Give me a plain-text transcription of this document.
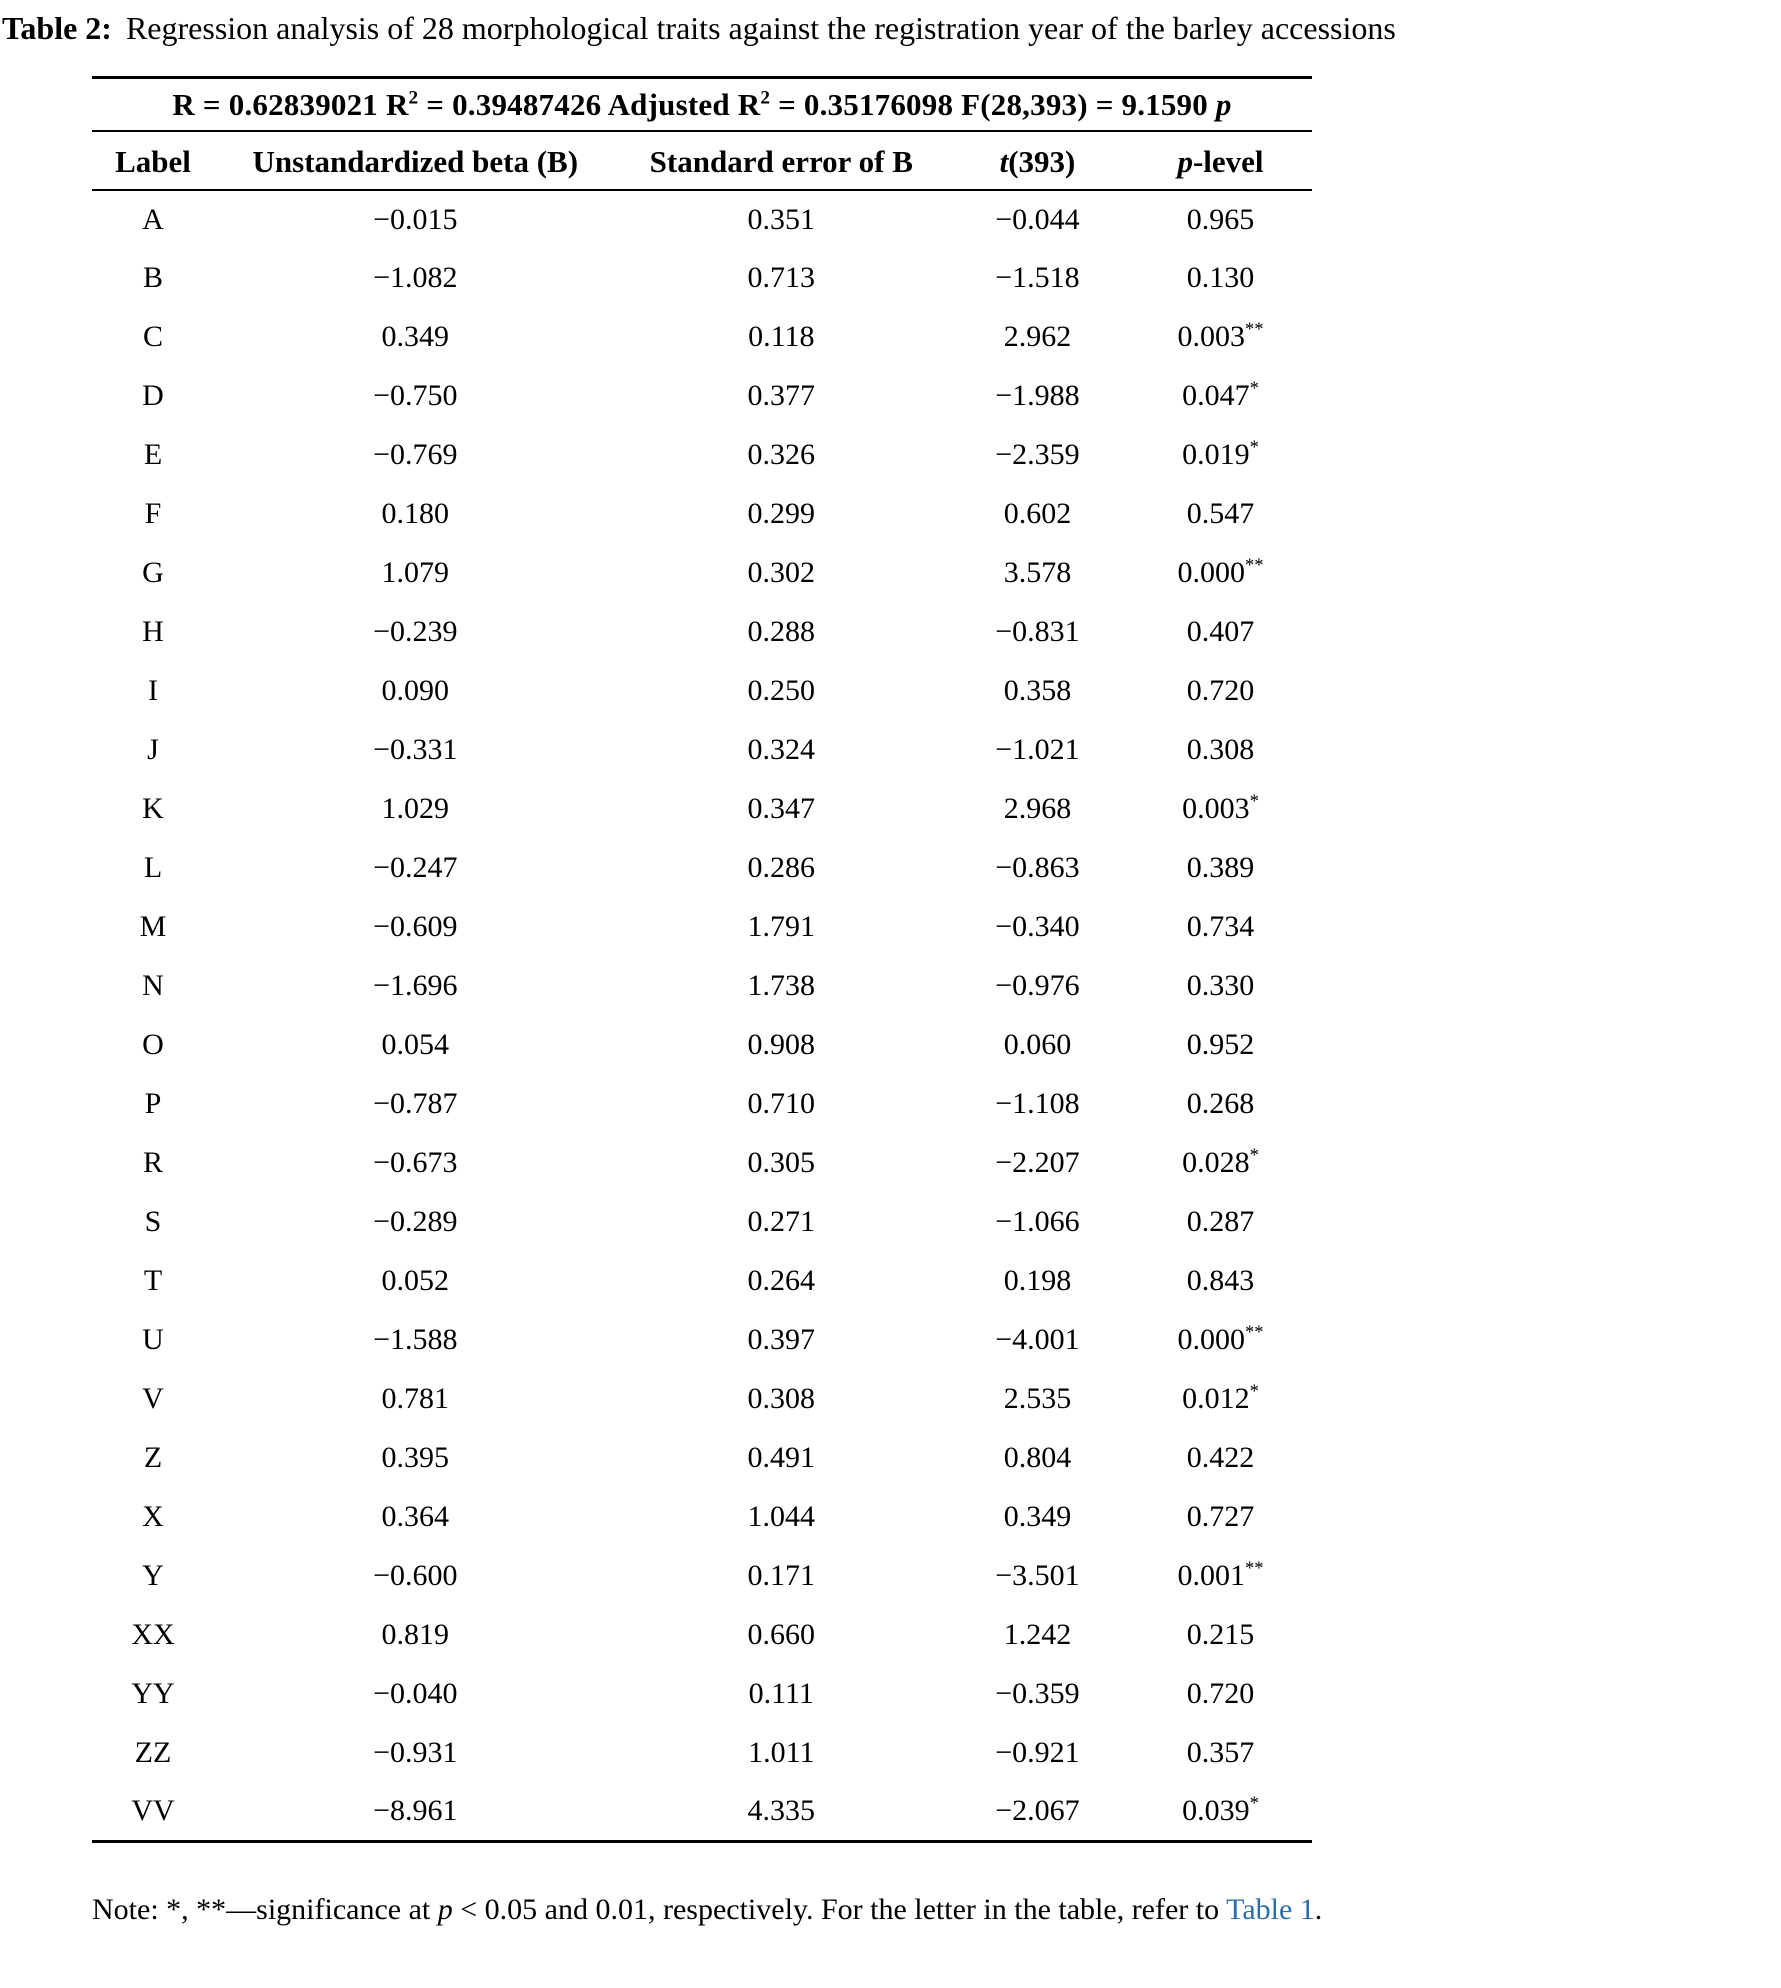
Table 2: Regression analysis of 28 morphological traits against the registration year of the barley accessions
R = 0.62839021 $R^2 = 0.39487426$ Adjusted $R^2 = 0.35176098$ F(28,393) = 9.1590 p
Label	Unstandardized beta (B)	Standard error of B	t(393)	p-level
A	−0.015	0.351	−0.044	0.965
B	−1.082	0.713	−1.518	0.130
C	0.349	0.118	2.962	0.003**
D	−0.750	0.377	−1.988	0.047*
E	−0.769	0.326	−2.359	0.019*
F	0.180	0.299	0.602	0.547
G	1.079	0.302	3.578	0.000**
H	−0.239	0.288	−0.831	0.407
I	0.090	0.250	0.358	0.720
J	−0.331	0.324	−1.021	0.308
K	1.029	0.347	2.968	0.003*
L	−0.247	0.286	−0.863	0.389
M	−0.609	1.791	−0.340	0.734
N	−1.696	1.738	−0.976	0.330
O	0.054	0.908	0.060	0.952
P	−0.787	0.710	−1.108	0.268
R	−0.673	0.305	−2.207	0.028*
S	−0.289	0.271	−1.066	0.287
T	0.052	0.264	0.198	0.843
U	−1.588	0.397	−4.001	0.000**
V	0.781	0.308	2.535	0.012*
Z	0.395	0.491	0.804	0.422
X	0.364	1.044	0.349	0.727
Y	−0.600	0.171	−3.501	0.001**
XX	0.819	0.660	1.242	0.215
YY	−0.040	0.111	−0.359	0.720
ZZ	−0.931	1.011	−0.921	0.357
VV	−8.961	4.335	−2.067	0.039*
Note: *, **—significance at p < 0.05 and 0.01, respectively. For the letter in the table, refer to Table 1.
